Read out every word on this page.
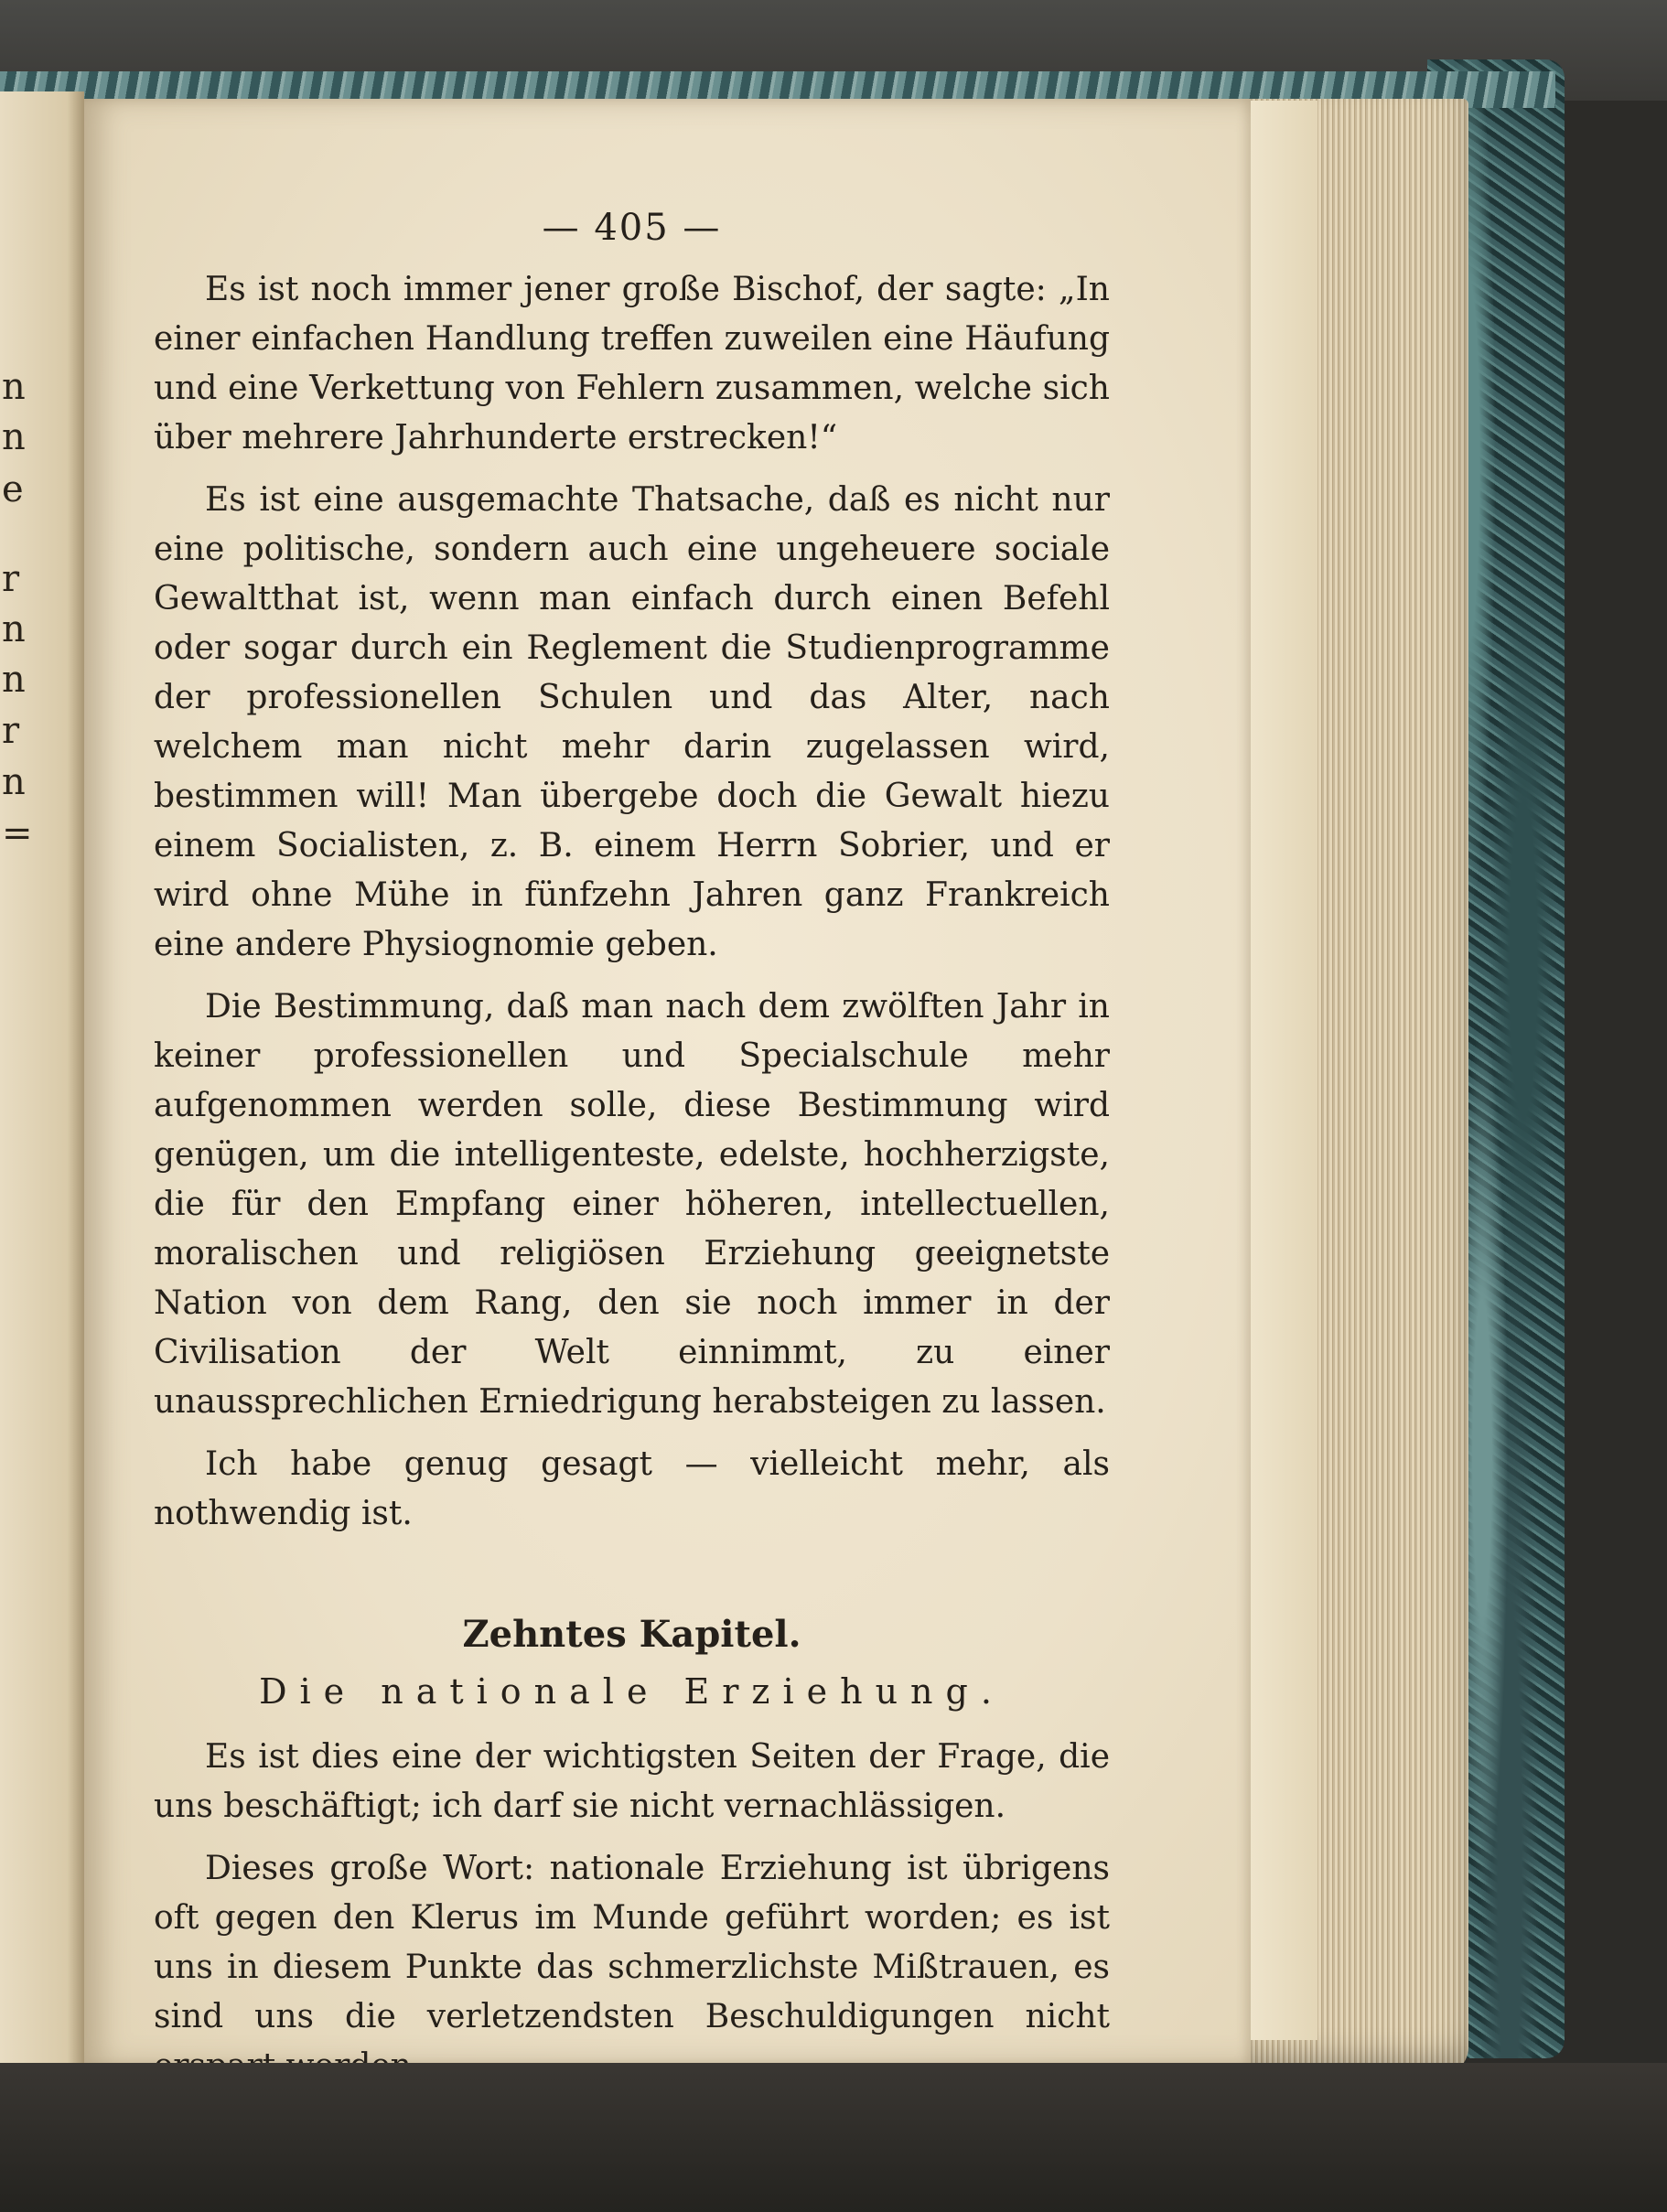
n
n
e
r
n
n
r
n
=
— 405 —

Es ist noch immer jener große Bischof, der sagte: „In einer einfachen Handlung treffen zuweilen eine Häufung und eine Verkettung von Fehlern zusammen, welche sich über mehrere Jahrhunderte erstrecken!“

Es ist eine ausgemachte Thatsache, daß es nicht nur eine politische, sondern auch eine ungeheuere sociale Gewaltthat ist, wenn man einfach durch einen Befehl oder sogar durch ein Reglement die Studienprogramme der professionellen Schulen und das Alter, nach welchem man nicht mehr darin zugelassen wird, bestimmen will! Man übergebe doch die Gewalt hiezu einem Socialisten, z. B. einem Herrn Sobrier, und er wird ohne Mühe in fünfzehn Jahren ganz Frankreich eine andere Physiognomie geben.

Die Bestimmung, daß man nach dem zwölften Jahr in keiner professionellen und Specialschule mehr aufgenommen werden solle, diese Bestimmung wird genügen, um die intelligenteste, edelste, hochherzigste, die für den Empfang einer höheren, intellectuellen, moralischen und religiösen Erziehung geeignetste Nation von dem Rang, den sie noch immer in der Civilisation der Welt einnimmt, zu einer unaussprechlichen Erniedrigung herabsteigen zu lassen.

Ich habe genug gesagt — vielleicht mehr, als nothwendig ist.

Zehntes Kapitel.
Die nationale Erziehung.

Es ist dies eine der wichtigsten Seiten der Frage, die uns beschäftigt; ich darf sie nicht vernachlässigen.

Dieses große Wort: nationale Erziehung ist übrigens oft gegen den Klerus im Munde geführt worden; es ist uns in diesem Punkte das schmerzlichste Mißtrauen, es sind uns die verletzendsten Beschuldigungen nicht
